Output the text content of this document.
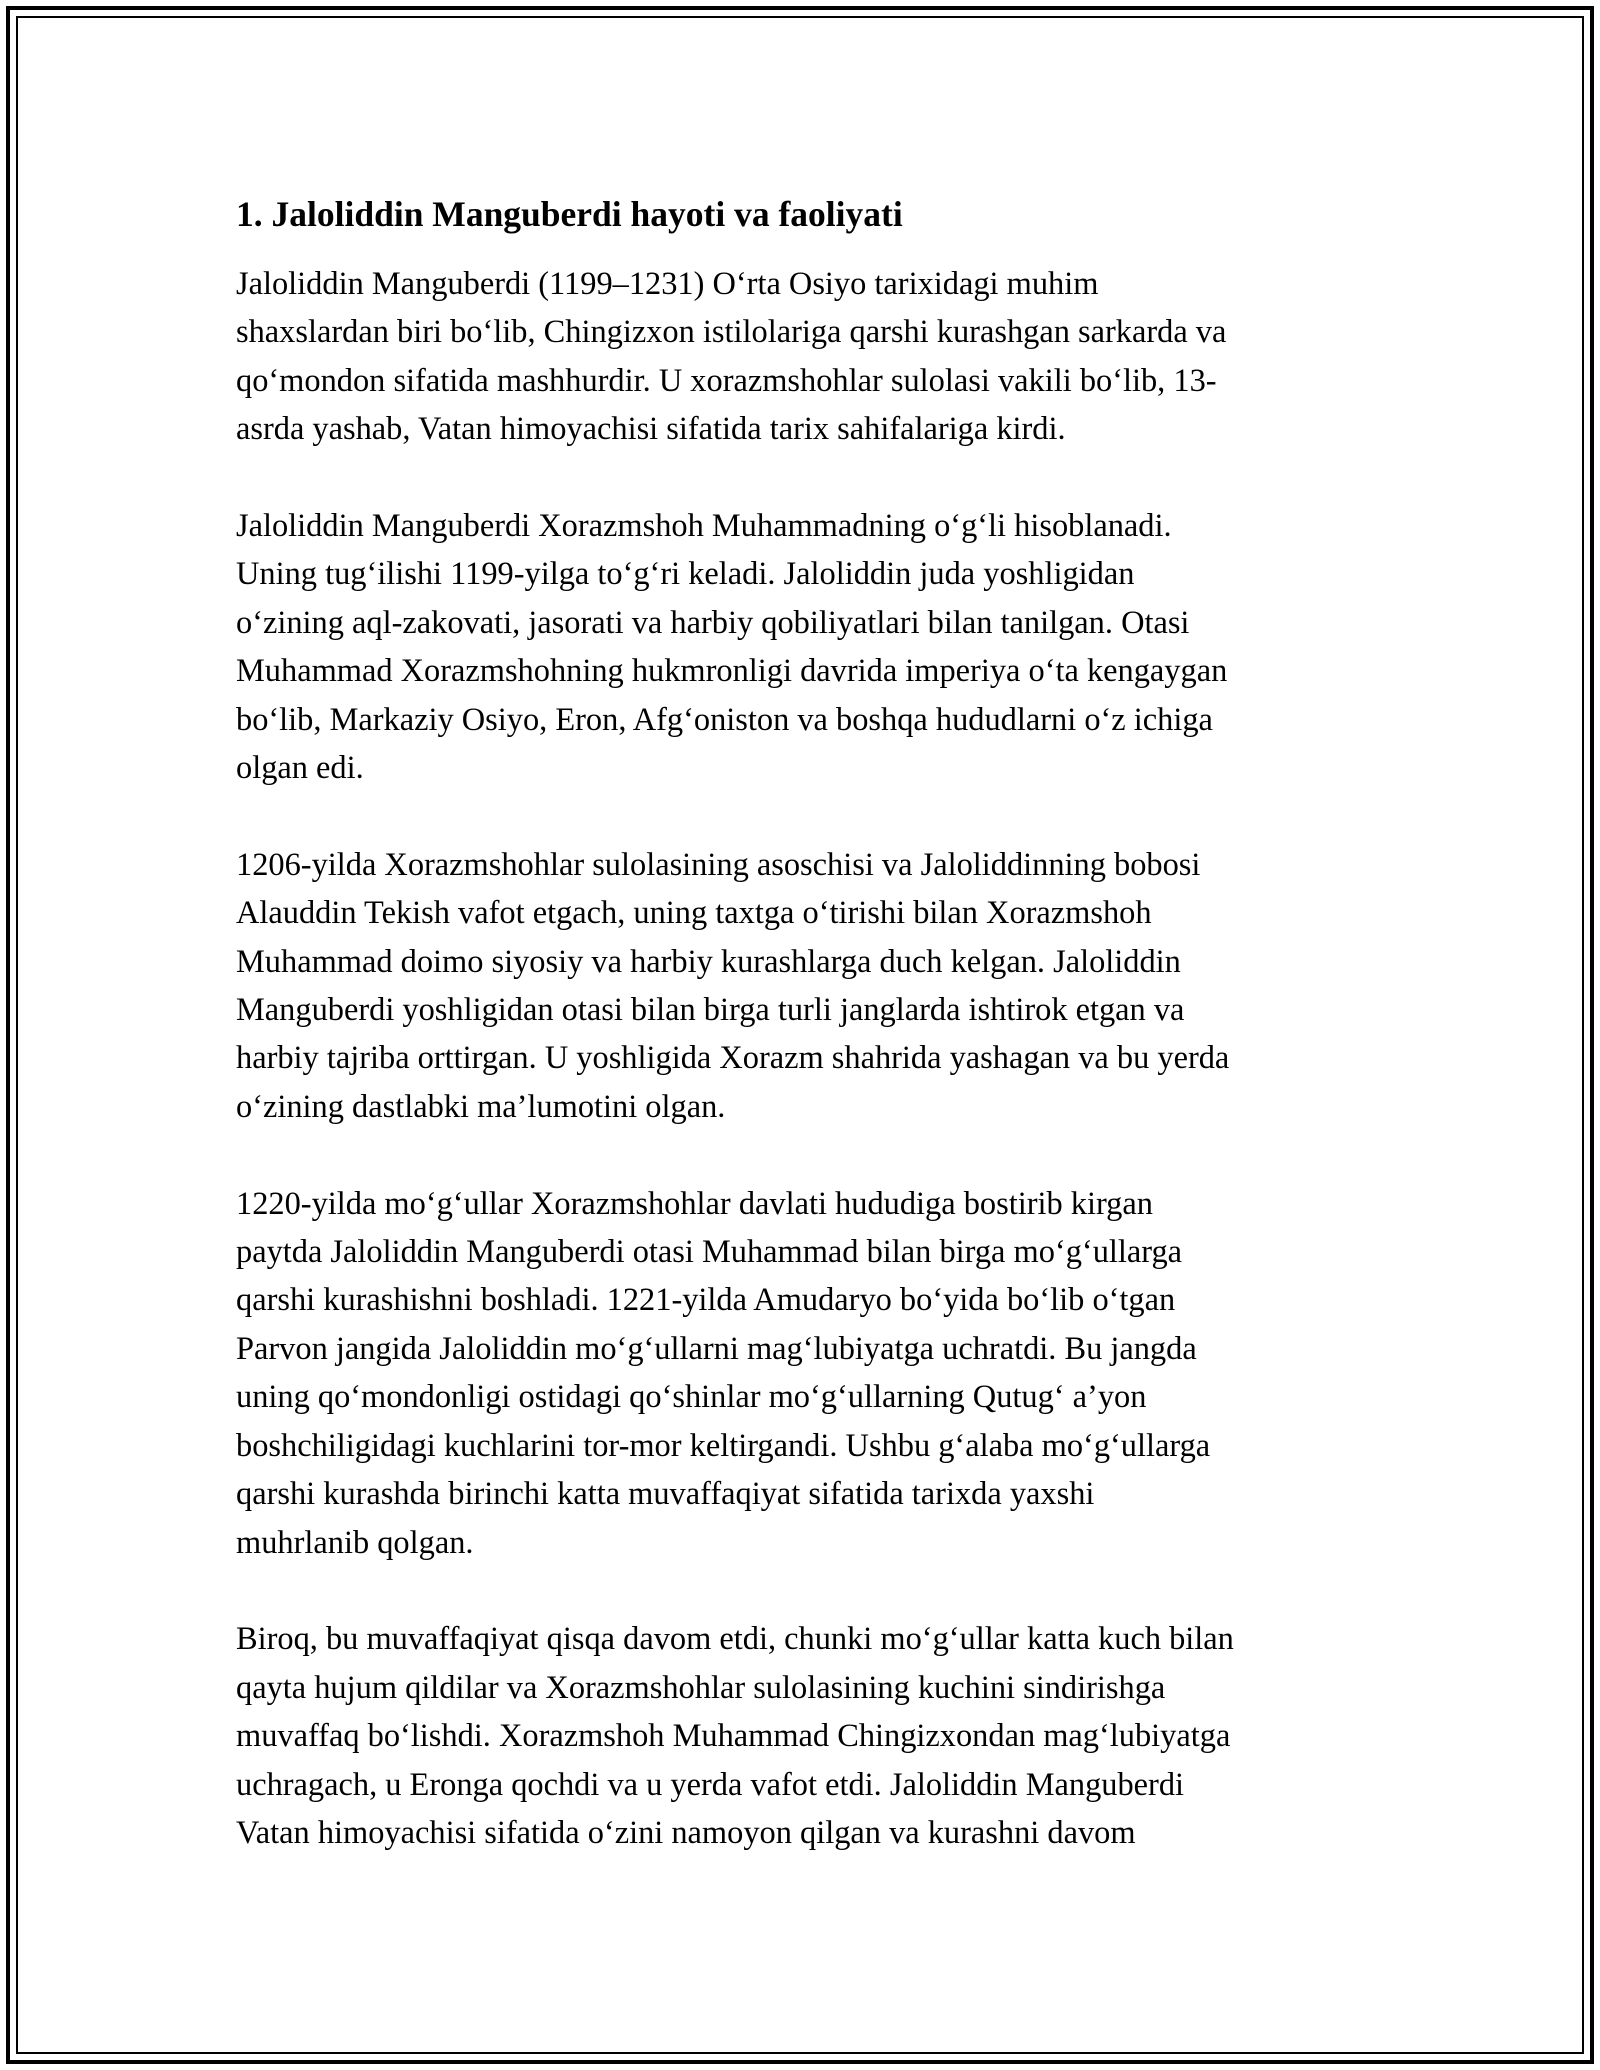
1. Jaloliddin Manguberdi hayoti va faoliyati
Jaloliddin Manguberdi (1199–1231) O‘rta Osiyo tarixidagi muhim
shaxslardan biri bo‘lib, Chingizxon istilolariga qarshi kurashgan sarkarda va
qo‘mondon sifatida mashhurdir. U xorazmshohlar sulolasi vakili bo‘lib, 13-
asrda yashab, Vatan himoyachisi sifatida tarix sahifalariga kirdi.
Jaloliddin Manguberdi Xorazmshoh Muhammadning o‘g‘li hisoblanadi.
Uning tug‘ilishi 1199-yilga to‘g‘ri keladi. Jaloliddin juda yoshligidan
o‘zining aql-zakovati, jasorati va harbiy qobiliyatlari bilan tanilgan. Otasi
Muhammad Xorazmshohning hukmronligi davrida imperiya o‘ta kengaygan
bo‘lib, Markaziy Osiyo, Eron, Afg‘oniston va boshqa hududlarni o‘z ichiga
olgan edi.
1206-yilda Xorazmshohlar sulolasining asoschisi va Jaloliddinning bobosi
Alauddin Tekish vafot etgach, uning taxtga o‘tirishi bilan Xorazmshoh
Muhammad doimo siyosiy va harbiy kurashlarga duch kelgan. Jaloliddin
Manguberdi yoshligidan otasi bilan birga turli janglarda ishtirok etgan va
harbiy tajriba orttirgan. U yoshligida Xorazm shahrida yashagan va bu yerda
o‘zining dastlabki ma’lumotini olgan.
1220-yilda mo‘g‘ullar Xorazmshohlar davlati hududiga bostirib kirgan
paytda Jaloliddin Manguberdi otasi Muhammad bilan birga mo‘g‘ullarga
qarshi kurashishni boshladi. 1221-yilda Amudaryo bo‘yida bo‘lib o‘tgan
Parvon jangida Jaloliddin mo‘g‘ullarni mag‘lubiyatga uchratdi. Bu jangda
uning qo‘mondonligi ostidagi qo‘shinlar mo‘g‘ullarning Qutug‘ a’yon
boshchiligidagi kuchlarini tor-mor keltirgandi. Ushbu g‘alaba mo‘g‘ullarga
qarshi kurashda birinchi katta muvaffaqiyat sifatida tarixda yaxshi
muhrlanib qolgan.
Biroq, bu muvaffaqiyat qisqa davom etdi, chunki mo‘g‘ullar katta kuch bilan
qayta hujum qildilar va Xorazmshohlar sulolasining kuchini sindirishga
muvaffaq bo‘lishdi. Xorazmshoh Muhammad Chingizxondan mag‘lubiyatga
uchragach, u Eronga qochdi va u yerda vafot etdi. Jaloliddin Manguberdi
Vatan himoyachisi sifatida o‘zini namoyon qilgan va kurashni davom
